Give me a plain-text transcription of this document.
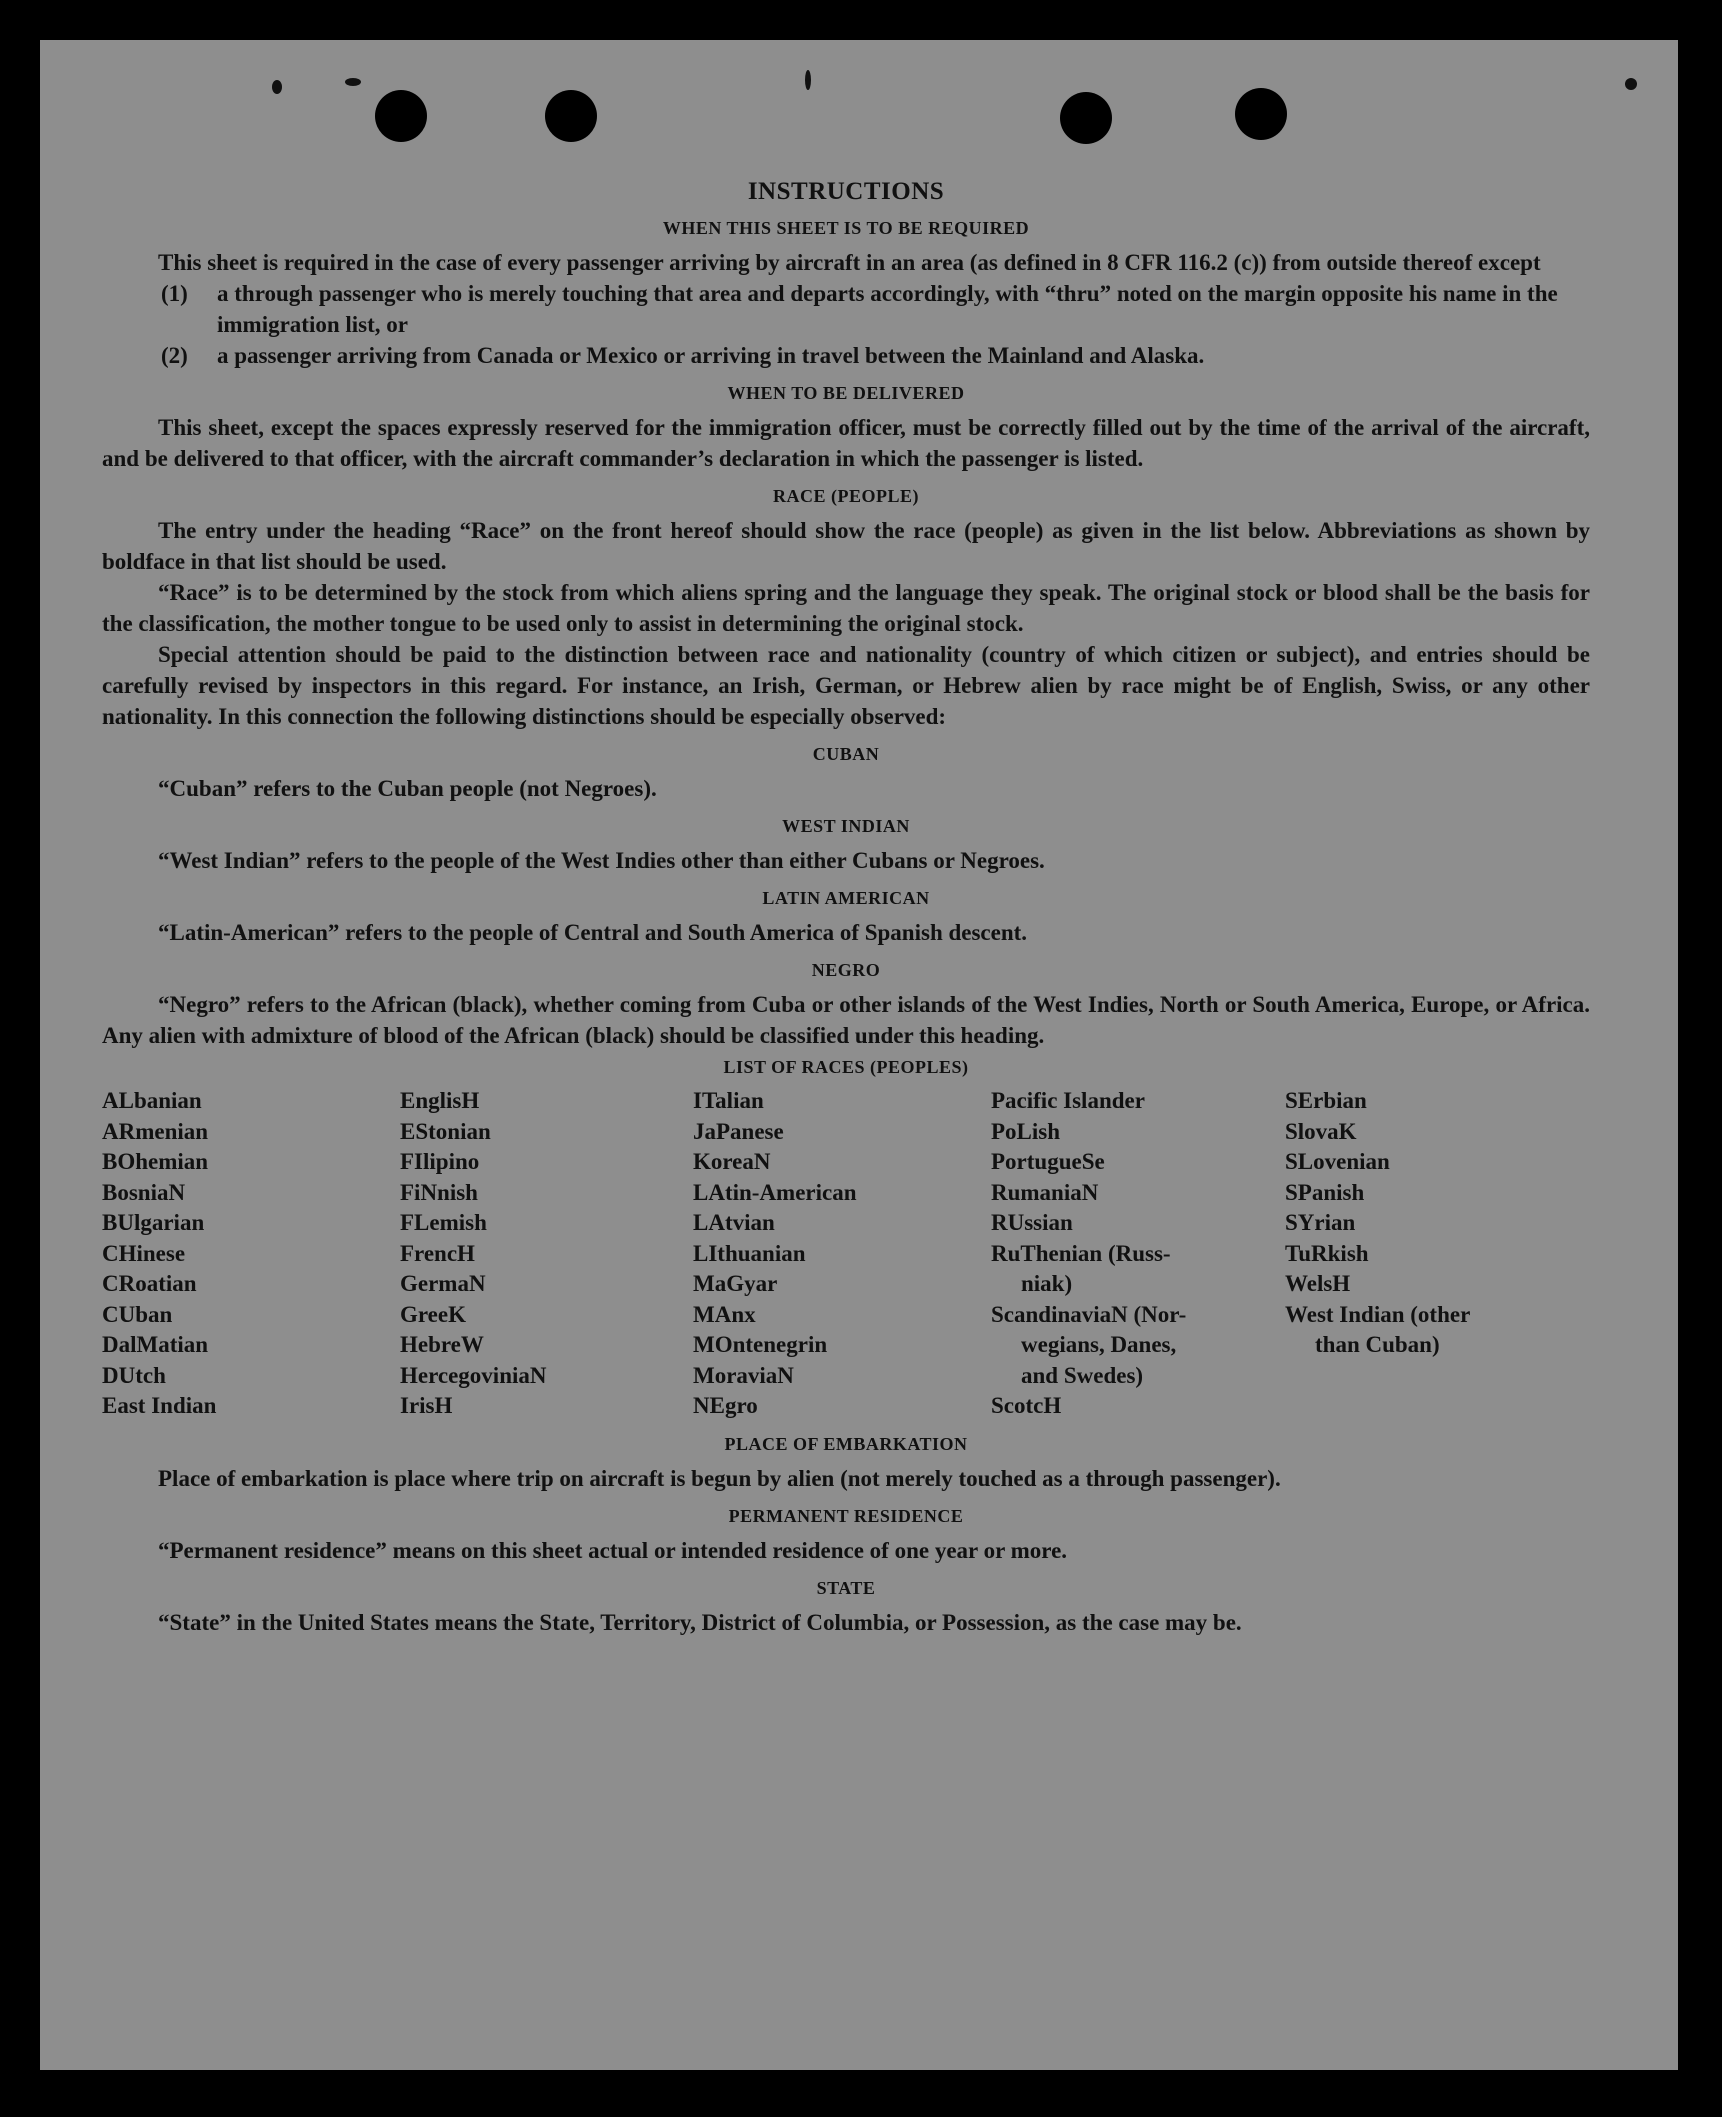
INSTRUCTIONS
WHEN THIS SHEET IS TO BE REQUIRED

This sheet is required in the case of every passenger arriving by aircraft in an area (as defined in 8 CFR 116.2 (c)) from outside thereof except

(1) a through passenger who is merely touching that area and departs accordingly, with “thru” noted on the margin opposite his name in the immigration list, or
(2) a passenger arriving from Canada or Mexico or arriving in travel between the Mainland and Alaska.
WHEN TO BE DELIVERED

This sheet, except the spaces expressly reserved for the immigration officer, must be correctly filled out by the time of the arrival of the aircraft, and be delivered to that officer, with the aircraft commander’s declaration in which the passenger is listed.

RACE (PEOPLE)

The entry under the heading “Race” on the front hereof should show the race (people) as given in the list below. Abbreviations as shown by boldface in that list should be used.

“Race” is to be determined by the stock from which aliens spring and the language they speak. The original stock or blood shall be the basis for the classification, the mother tongue to be used only to assist in determining the original stock.

Special attention should be paid to the distinction between race and nationality (country of which citizen or subject), and entries should be carefully revised by inspectors in this regard. For instance, an Irish, German, or Hebrew alien by race might be of English, Swiss, or any other nationality. In this connection the following distinctions should be especially observed:

CUBAN

“Cuban” refers to the Cuban people (not Negroes).

WEST INDIAN

“West Indian” refers to the people of the West Indies other than either Cubans or Negroes.

LATIN AMERICAN

“Latin-American” refers to the people of Central and South America of Spanish descent.

NEGRO

“Negro” refers to the African (black), whether coming from Cuba or other islands of the West Indies, North or South America, Europe, or Africa. Any alien with admixture of blood of the African (black) should be classified under this heading.

LIST OF RACES (PEOPLES)
ALbanian	EnglisH	ITalian	Pacific Islander	SErbian
ARmenian	EStonian	JaPanese	PoLish	SlovaK
BOhemian	FIlipino	KoreaN	PortugueSe	SLovenian
BosniaN	FiNnish	LAtin-American	RumaniaN	SPanish
BUlgarian	FLemish	LAtvian	RUssian	SYrian
CHinese	FrencH	LIthuanian	RuThenian (Russ-	TuRkish
CRoatian	GermaN	MaGyar	niak)	WelsH
CUban	GreeK	MAnx	ScandinaviaN (Nor-	West Indian (other
DalMatian	HebreW	MOntenegrin	wegians, Danes,	than Cuban)
DUtch	HercegoviniaN	MoraviaN	and Swedes)
East Indian	IrisH	NEgro	ScotcH
PLACE OF EMBARKATION

Place of embarkation is place where trip on aircraft is begun by alien (not merely touched as a through passenger).

PERMANENT RESIDENCE

“Permanent residence” means on this sheet actual or intended residence of one year or more.

STATE

“State” in the United States means the State, Territory, District of Columbia, or Possession, as the case may be.
